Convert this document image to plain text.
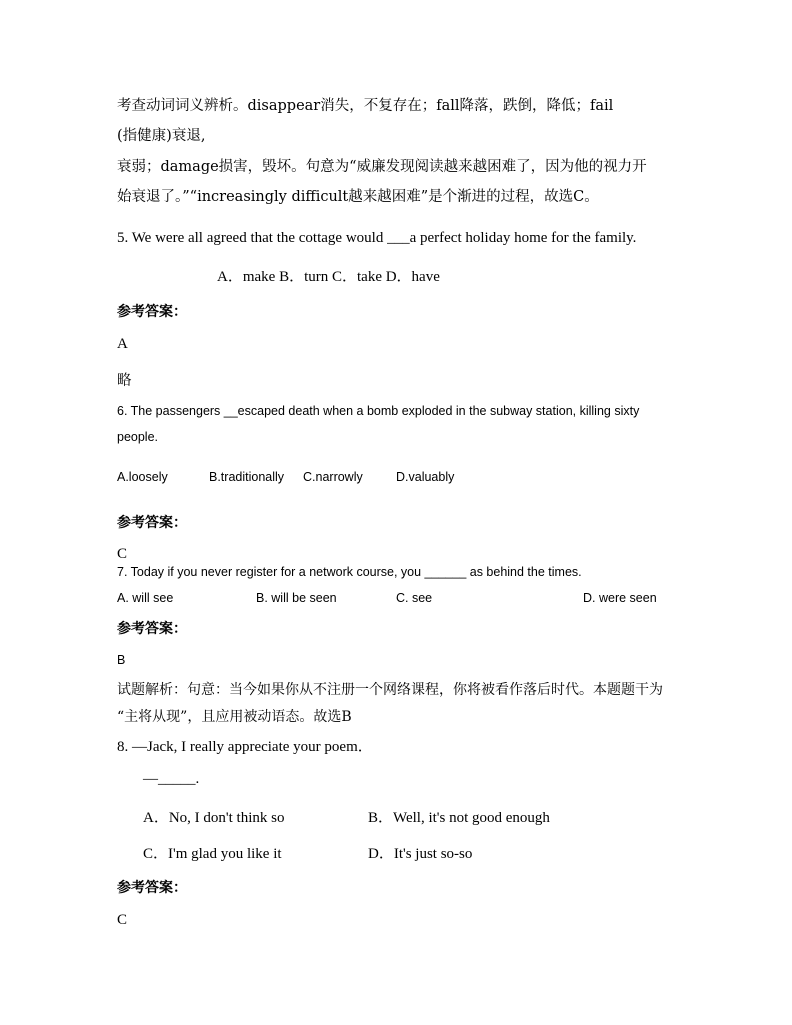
考查动词词义辨析。disappear消失，不复存在；fall降落，跌倒，降低；fail
(指健康)衰退,
衰弱；damage损害，毁坏。句意为“威廉发现阅读越来越困难了，因为他的视力开
始衰退了。”“increasingly difficult越来越困难”是个渐进的过程，故选C。
5. We were all agreed that the cottage would ___a perfect holiday home for the family.
A．make B．turn C．take D．have
参考答案：
A
略
6. The passengers __escaped death when a bomb exploded in the subway station, killing sixty
people.
A.loosely	B.traditionally C.narrowly	D.valuably
参考答案：
C
7. Today if you never register for a network course, you ______ as behind the times.
A. will see	B. will be seen	C. see	D. were seen
参考答案：
B
试题解析：句意：当今如果你从不注册一个网络课程，你将被看作落后时代。本题题干为
“主将从现”，且应用被动语态。故选B
8. —Jack, I really appreciate your poem．
—_____.
A．No, I don't think so	B．Well, it's not good enough
C．I'm glad you like it	D．It's just so-so
参考答案：
C
